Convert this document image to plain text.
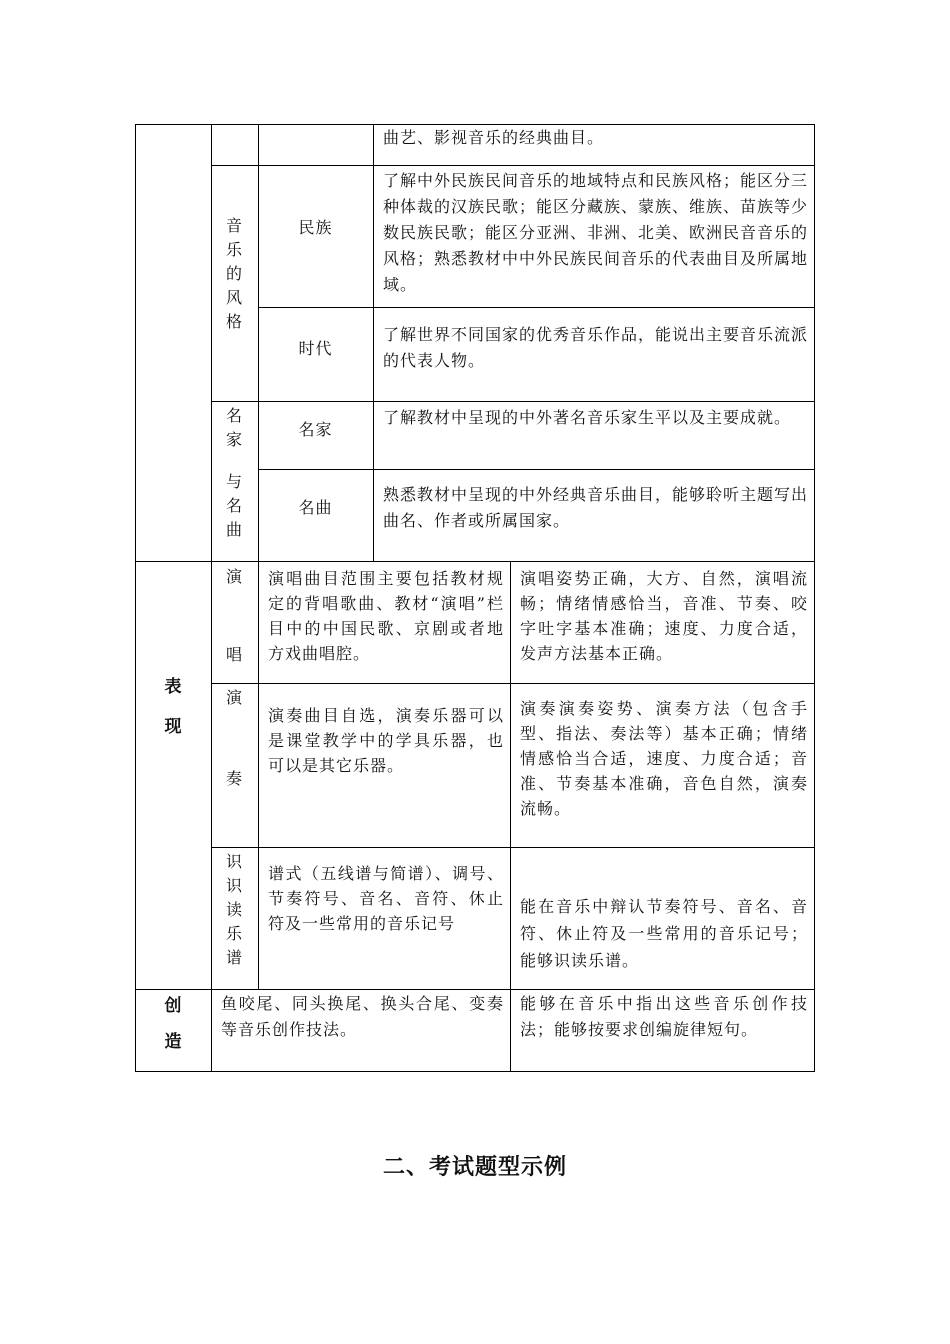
曲艺、影视音乐的经典曲目。
音
乐
的
风
格
民族
了解中外民族民间音乐的地域特点和民族风格；能区分三种体裁的汉族民歌；能区分藏族、蒙族、维族、苗族等少数民族民歌；能区分亚洲、非洲、北美、欧洲民音音乐的风格；熟悉教材中中外民族民间音乐的代表曲目及所属地域。
时代
了解世界不同国家的优秀音乐作品，能说出主要音乐流派的代表人物。
名
家
与
名
曲
名家
了解教材中呈现的中外著名音乐家生平以及主要成就。
名曲
熟悉教材中呈现的中外经典音乐曲目，能够聆听主题写出曲名、作者或所属国家。
表
现
演
唱
演唱曲目范围主要包括教材规定的背唱歌曲、教材“演唱”栏目中的中国民歌、京剧或者地方戏曲唱腔。
演唱姿势正确，大方、自然，演唱流畅；情绪情感恰当，音准、节奏、咬字吐字基本准确；速度、力度合适，发声方法基本正确。
演
奏
演奏曲目自选，演奏乐器可以是课堂教学中的学具乐器，也可以是其它乐器。
演奏演奏姿势、演奏方法（包含手型、指法、奏法等）基本正确；情绪情感恰当合适，速度、力度合适；音准、节奏基本准确，音色自然，演奏流畅。
识
识
读
乐
谱
谱式（五线谱与简谱）、调号、节奏符号、音名、音符、休止符及一些常用的音乐记号
能在音乐中辩认节奏符号、音名、音符、休止符及一些常用的音乐记号；能够识读乐谱。
创
造
鱼咬尾、同头换尾、换头合尾、变奏等音乐创作技法。
能够在音乐中指出这些音乐创作技法；能够按要求创编旋律短句。
二、考试题型示例
